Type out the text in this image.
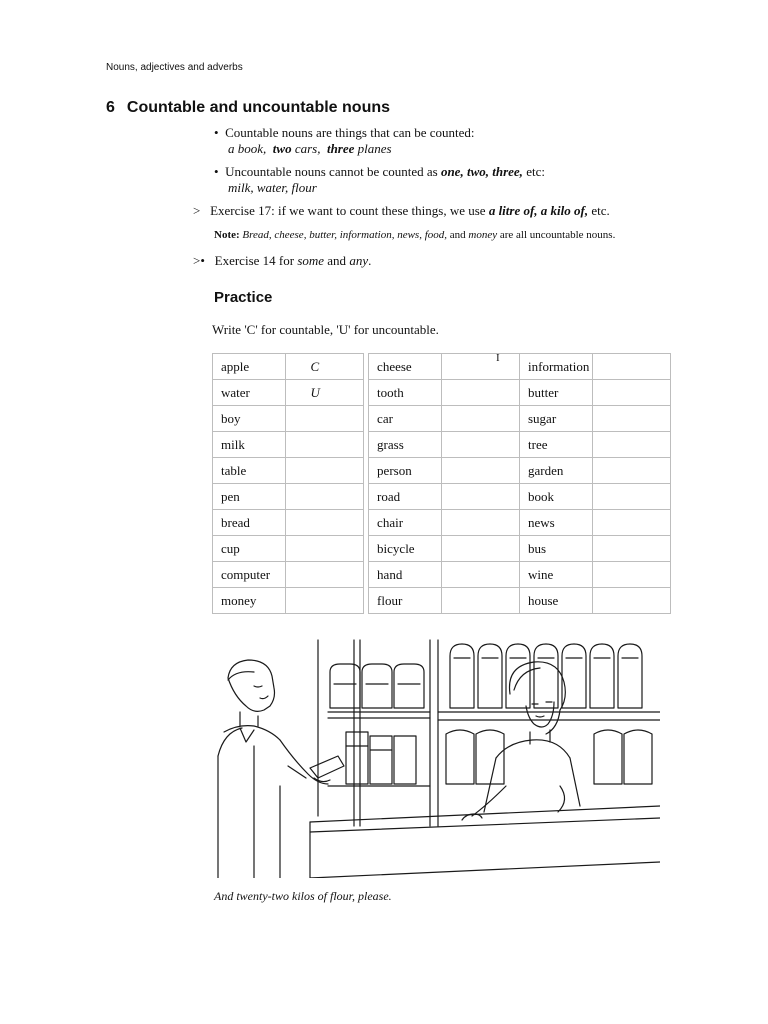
Nouns, adjectives and adverbs
6 Countable and uncountable nouns
• Countable nouns are things that can be counted:
a book, two cars, three planes
• Uncountable nouns cannot be counted as one, two, three, etc:
milk, water, flour
> Exercise 17: if we want to count these things, we use a litre of, a kilo of, etc.
Note: Bread, cheese, butter, information, news, food, and money are all uncountable nouns.
>• Exercise 14 for some and any.
Practice
Write 'C' for countable, 'U' for uncountable.
apple	C		cheese		information	
water	U		tooth		butter	
boy			car		sugar	
milk			grass		tree	
table			person		garden	
pen			road		book	
bread			chair		news	
cup			bicycle		bus	
computer			hand		wine	
money			flour		house	
I
And twenty-two kilos of flour, please.
